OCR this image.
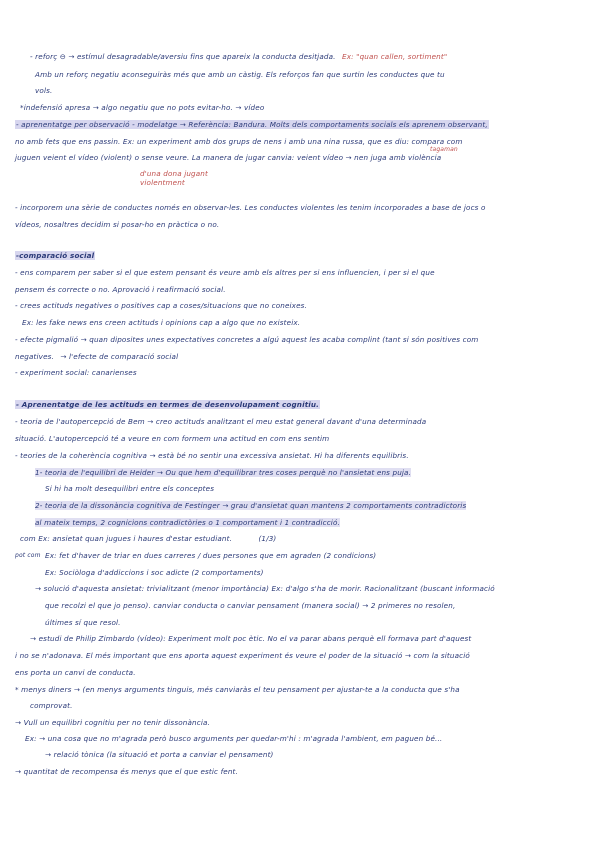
- reforç ⊖ → estímul desagradable/aversiu fins que apareix la conducta desitjada. Ex: "quan callen, sortiment"
Amb un reforç negatiu aconseguiràs més que amb un càstig. Els reforços fan que surtin les conductes que tu
vols.
*indefensió apresa → algo negatiu que no pots evitar-ho. → vídeo
- aprenentatge per observació - modelatge → Referència: Bandura. Molts dels comportaments socials els aprenem observant,
no amb fets que ens passin. Ex: un experiment amb dos grups de nens i amb una nina russa, que es diu: compara com
tagaman
juguen veient el vídeo (violent) o sense veure. La manera de jugar canvia: veient vídeo → nen juga amb violència
d'una dona jugant
violentment
- incorporem una sèrie de conductes només en observar-les. Les conductes violentes les tenim incorporades a base de jocs o
vídeos, nosaltres decidim si posar-ho en pràctica o no.
-comparació social
- ens comparem per saber si el que estem pensant és veure amb els altres per si ens influencien, i per si el que
pensem és correcte o no. Aprovació i reafirmació social.
- crees actituds negatives o positives cap a coses/situacions que no coneixes.
Ex: les fake news ens creen actituds i opinions cap a algo que no existeix.
- efecte pigmalió → quan diposites unes expectatives concretes a algú aquest les acaba complint (tant si són positives com
negatives. → l'efecte de comparació social
- experiment social: canarienses
- Aprenentatge de les actituds en termes de desenvolupament cognitiu.
- teoria de l'autopercepció de Bem → creo actituds analitzant el meu estat general davant d'una determinada
situació. L'autopercepció té a veure en com formem una actitud en com ens sentim
- teories de la coherència cognitiva → està bé no sentir una excessiva ansietat. Hi ha diferents equilibris.
1- teoria de l'equilibri de Heider → Ou que hem d'equilibrar tres coses perquè no l'ansietat ens puja.
Si hi ha molt desequilibri entre els conceptes
2- teoria de la dissonància cognitiva de Festinger → grau d'ansietat quan mantens 2 comportaments contradictoris
al mateix temps, 2 cognicions contradictòries o 1 comportament i 1 contradicció.
com Ex: ansietat quan jugues i haures d'estar estudiant.	(1/3)
pot com Ex: fet d'haver de triar en dues carreres / dues persones que em agraden (2 condicions)
Ex: Sociòloga d'addiccions i soc adicte (2 comportaments)
→ solució d'aquesta ansietat: trivialitzant (menor importància) Ex: d'algo s'ha de morir. Racionalitzant (buscant informació
que recolzi el que jo penso). canviar conducta o canviar pensament (manera social) → 2 primeres no resolen,
últimes sí que resol.
→ estudi de Philip Zimbardo (vídeo): Experiment molt poc ètic. No el va parar abans perquè ell formava part d'aquest
i no se n'adonava. El més important que ens aporta aquest experiment és veure el poder de la situació → com la situació
ens porta un canvi de conducta.
* menys diners → (en menys arguments tinguis, més canviaràs el teu pensament per ajustar-te a la conducta que s'ha
comprovat.
→ Vull un equilibri cognitiu per no tenir dissonància.
Ex: → una cosa que no m'agrada però busco arguments per quedar-m'hi : m'agrada l'ambient, em paguen bé...
→ relació tònica (la situació et porta a canviar el pensament)
→ quantitat de recompensa és menys que el que estic fent.
